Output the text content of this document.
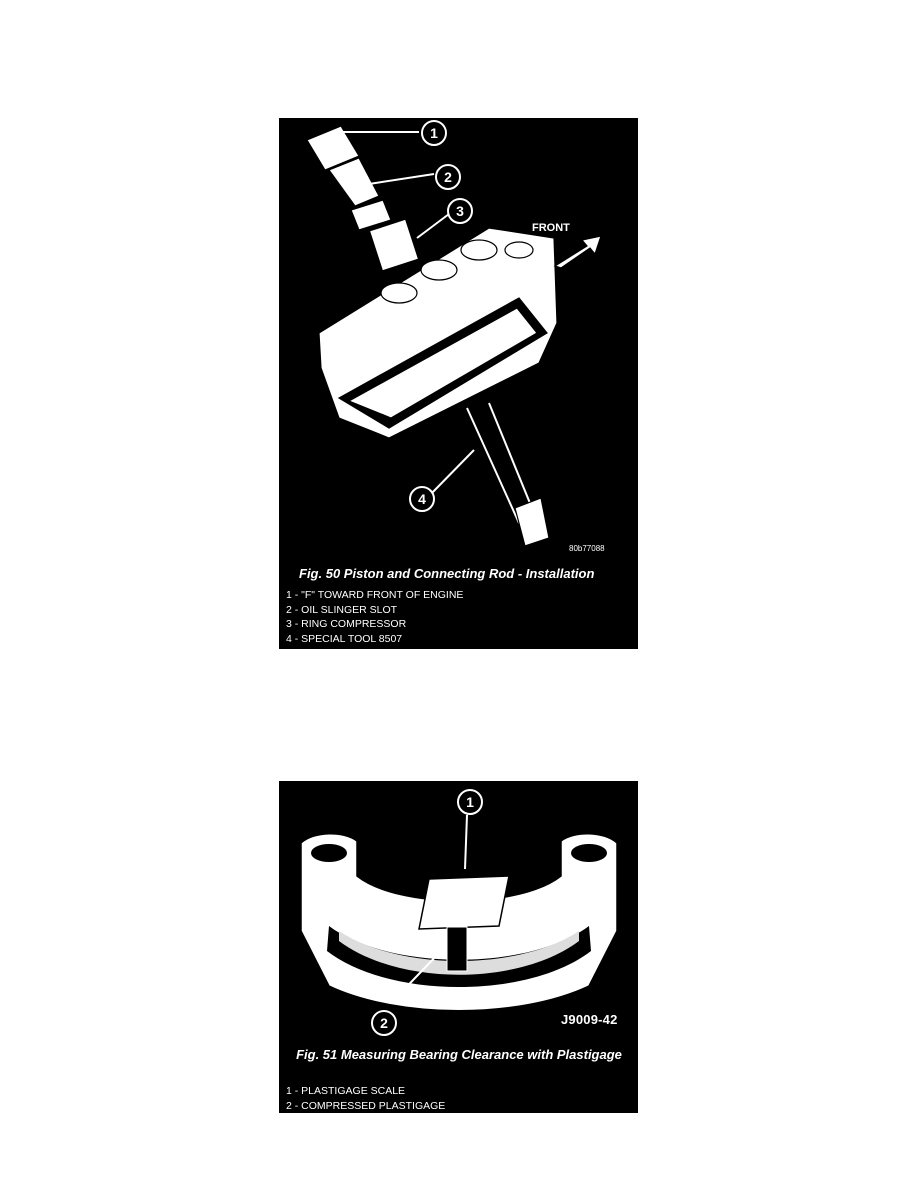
1
2
3
4
FRONT
80b77088
Fig. 50 Piston and Connecting Rod - Installation
1 - "F" TOWARD FRONT OF ENGINE
2 - OIL SLINGER SLOT
3 - RING COMPRESSOR
4 - SPECIAL TOOL 8507
1
2	J9009-42
Fig. 51 Measuring Bearing Clearance with Plastigage
1 - PLASTIGAGE SCALE
2 - COMPRESSED PLASTIGAGE
